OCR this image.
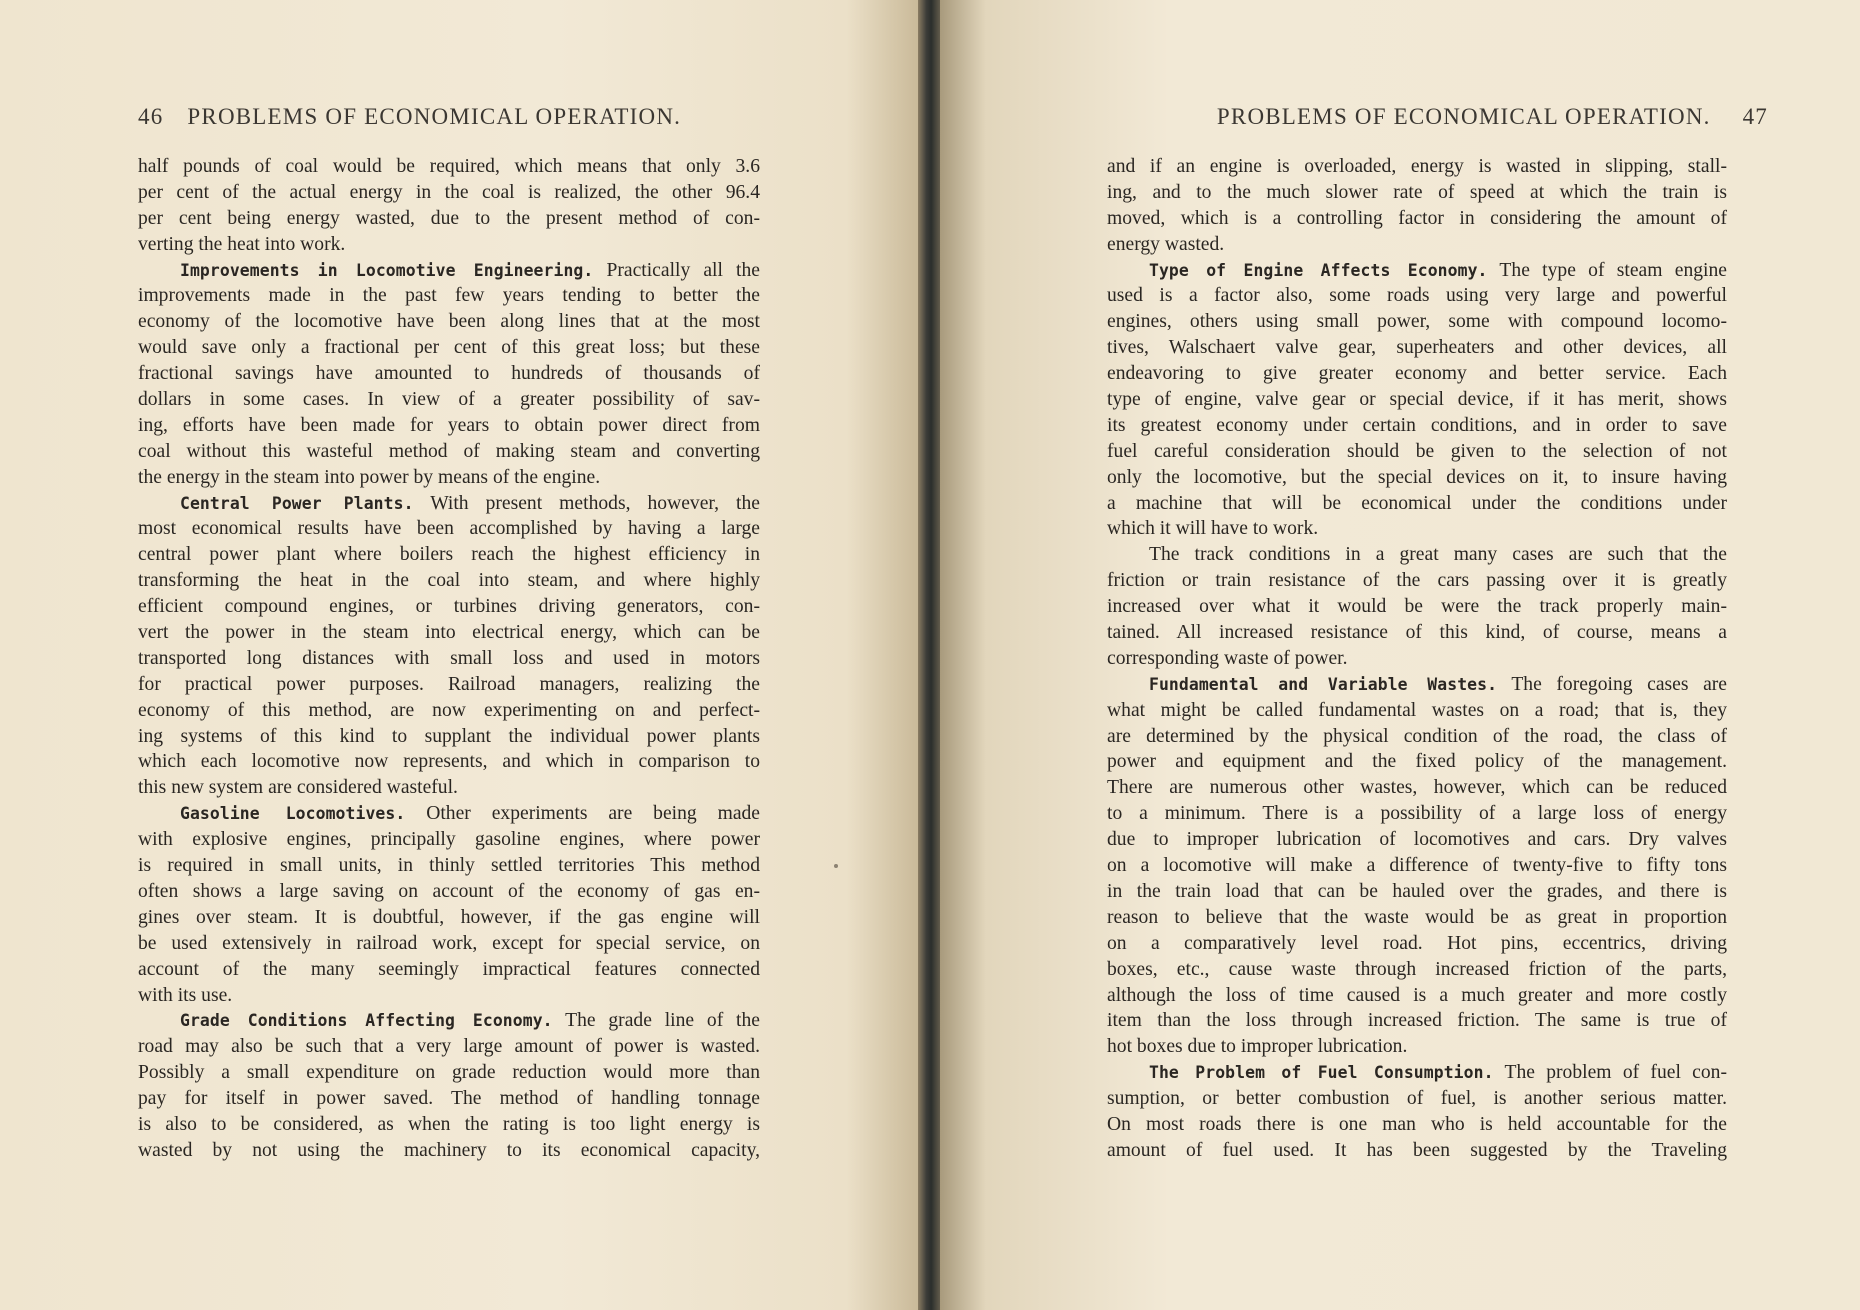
46 PROBLEMS OF ECONOMICAL OPERATION.
half pounds of coal would be required, which means that only 3.6
per cent of the actual energy in the coal is realized, the other 96.4
per cent being energy wasted, due to the present method of con-
verting the heat into work.
Improvements in Locomotive Engineering. Practically all the
improvements made in the past few years tending to better the
economy of the locomotive have been along lines that at the most
would save only a fractional per cent of this great loss; but these
fractional savings have amounted to hundreds of thousands of
dollars in some cases. In view of a greater possibility of sav-
ing, efforts have been made for years to obtain power direct from
coal without this wasteful method of making steam and converting
the energy in the steam into power by means of the engine.
Central Power Plants. With present methods, however, the
most economical results have been accomplished by having a large
central power plant where boilers reach the highest efficiency in
transforming the heat in the coal into steam, and where highly
efficient compound engines, or turbines driving generators, con-
vert the power in the steam into electrical energy, which can be
transported long distances with small loss and used in motors
for practical power purposes. Railroad managers, realizing the
economy of this method, are now experimenting on and perfect-
ing systems of this kind to supplant the individual power plants
which each locomotive now represents, and which in comparison to
this new system are considered wasteful.
Gasoline Locomotives. Other experiments are being made
with explosive engines, principally gasoline engines, where power
is required in small units, in thinly settled territories This method
often shows a large saving on account of the economy of gas en-
gines over steam. It is doubtful, however, if the gas engine will
be used extensively in railroad work, except for special service, on
account of the many seemingly impractical features connected
with its use.
Grade Conditions Affecting Economy. The grade line of the
road may also be such that a very large amount of power is wasted.
Possibly a small expenditure on grade reduction would more than
pay for itself in power saved. The method of handling tonnage
is also to be considered, as when the rating is too light energy is
wasted by not using the machinery to its economical capacity,
PROBLEMS OF ECONOMICAL OPERATION. 47
and if an engine is overloaded, energy is wasted in slipping, stall-
ing, and to the much slower rate of speed at which the train is
moved, which is a controlling factor in considering the amount of
energy wasted.
Type of Engine Affects Economy. The type of steam engine
used is a factor also, some roads using very large and powerful
engines, others using small power, some with compound locomo-
tives, Walschaert valve gear, superheaters and other devices, all
endeavoring to give greater economy and better service. Each
type of engine, valve gear or special device, if it has merit, shows
its greatest economy under certain conditions, and in order to save
fuel careful consideration should be given to the selection of not
only the locomotive, but the special devices on it, to insure having
a machine that will be economical under the conditions under
which it will have to work.
The track conditions in a great many cases are such that the
friction or train resistance of the cars passing over it is greatly
increased over what it would be were the track properly main-
tained. All increased resistance of this kind, of course, means a
corresponding waste of power.
Fundamental and Variable Wastes. The foregoing cases are
what might be called fundamental wastes on a road; that is, they
are determined by the physical condition of the road, the class of
power and equipment and the fixed policy of the management.
There are numerous other wastes, however, which can be reduced
to a minimum. There is a possibility of a large loss of energy
due to improper lubrication of locomotives and cars. Dry valves
on a locomotive will make a difference of twenty-five to fifty tons
in the train load that can be hauled over the grades, and there is
reason to believe that the waste would be as great in proportion
on a comparatively level road. Hot pins, eccentrics, driving
boxes, etc., cause waste through increased friction of the parts,
although the loss of time caused is a much greater and more costly
item than the loss through increased friction. The same is true of
hot boxes due to improper lubrication.
The Problem of Fuel Consumption. The problem of fuel con-
sumption, or better combustion of fuel, is another serious matter.
On most roads there is one man who is held accountable for the
amount of fuel used. It has been suggested by the Traveling
